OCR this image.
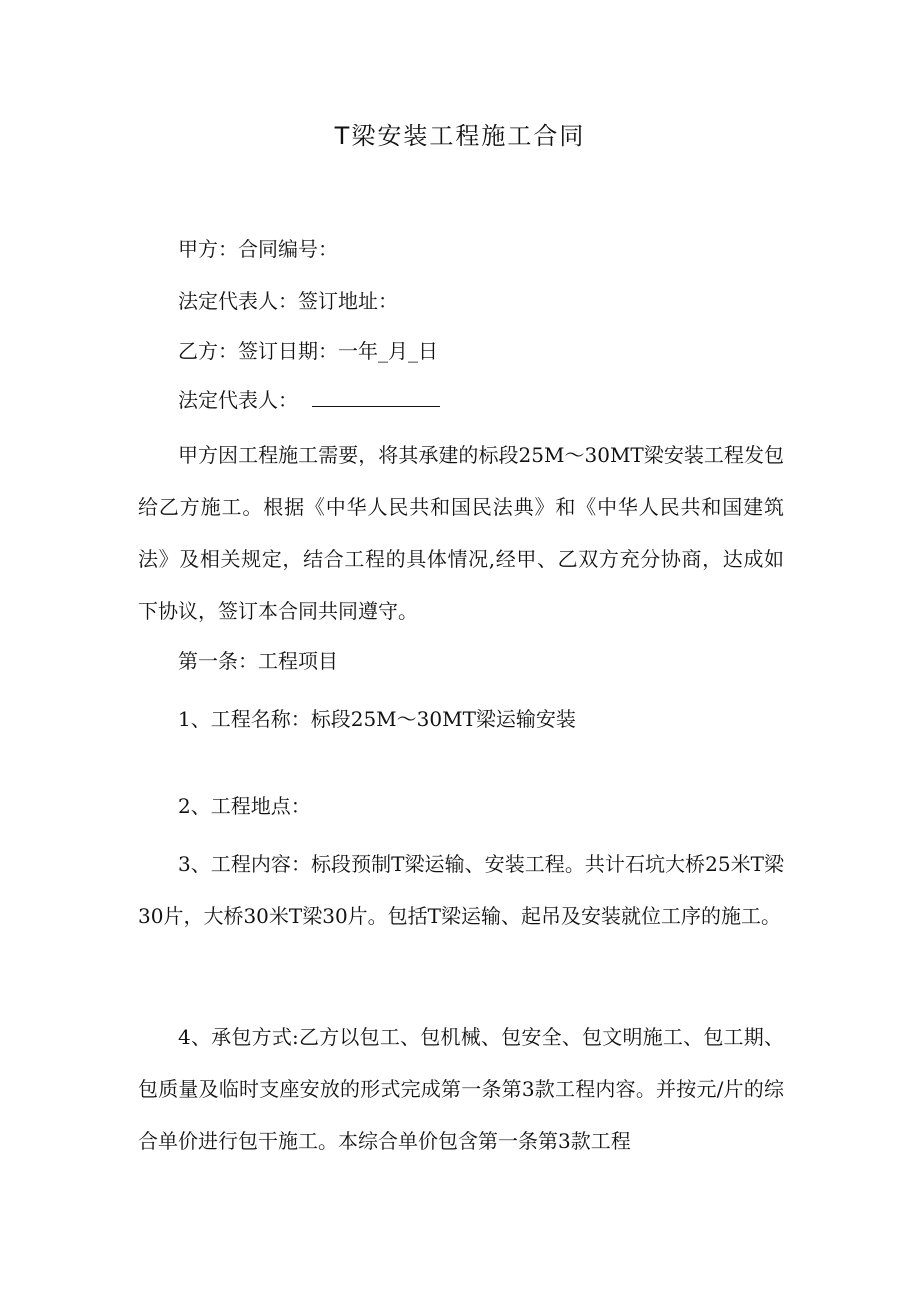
T梁安装工程施工合同
甲方：合同编号：
法定代表人：签订地址：
乙方：签订日期：一年_月_日
法定代表人：
甲方因工程施工需要，将其承建的标段25M～30MT梁安装工程发包给乙方施工。根据《中华人民共和国民法典》和《中华人民共和国建筑法》及相关规定，结合工程的具体情况,经甲、乙双方充分协商，达成如下协议，签订本合同共同遵守。
第一条：工程项目
1、工程名称：标段25M～30MT梁运输安装
2、工程地点：
3、工程内容：标段预制T梁运输、安装工程。共计石坑大桥25米T梁30片，大桥30米T梁30片。包括T梁运输、起吊及安装就位工序的施工。
4、承包方式:乙方以包工、包机械、包安全、包文明施工、包工期、包质量及临时支座安放的形式完成第一条第3款工程内容。并按元/片的综合单价进行包干施工。本综合单价包含第一条第3款工程
